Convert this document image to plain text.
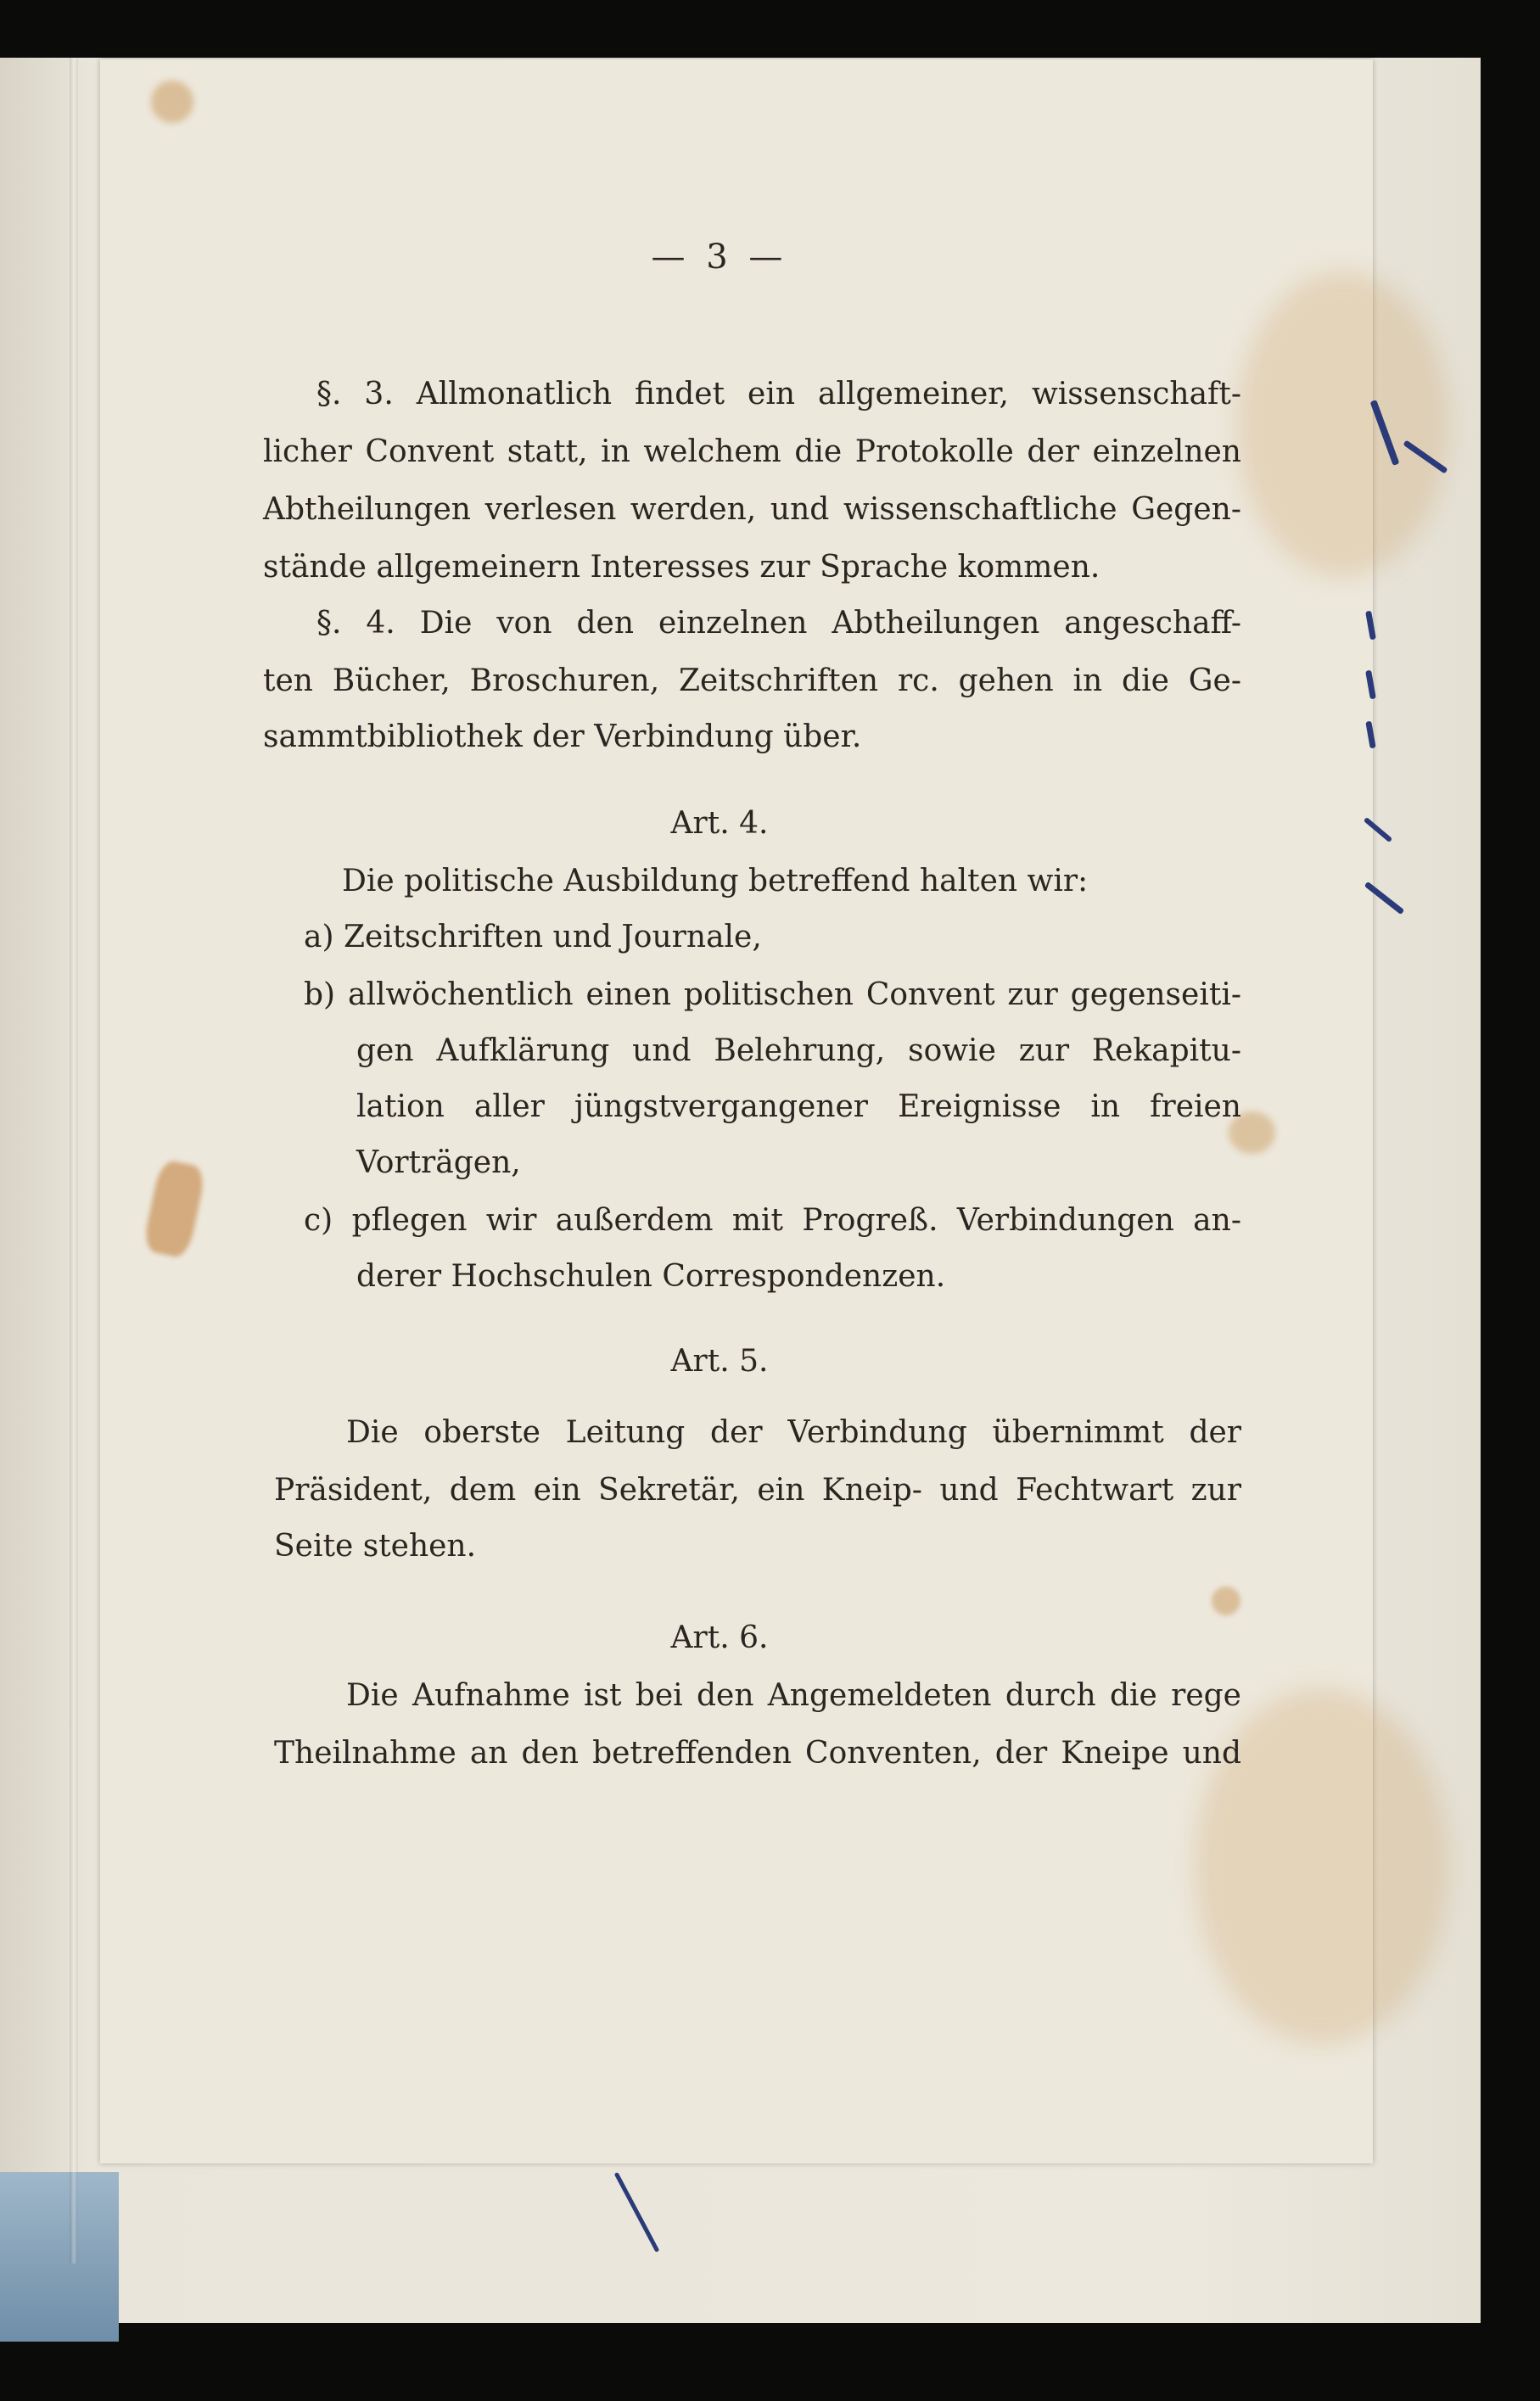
— 3 —

§. 3. Allmonatlich findet ein allgemeiner, wissenschaft-

licher Convent statt, in welchem die Protokolle der einzelnen

Abtheilungen verlesen werden, und wissenschaftliche Gegen-

stände allgemeinern Interesses zur Sprache kommen.

§. 4. Die von den einzelnen Abtheilungen angeschaff-

ten Bücher, Broschuren, Zeitschriften rc. gehen in die Ge-

sammtbibliothek der Verbindung über.

Art. 4.

Die politische Ausbildung betreffend halten wir:

a) Zeitschriften und Journale,

b) allwöchentlich einen politischen Convent zur gegenseiti-

gen Aufklärung und Belehrung, sowie zur Rekapitu-

lation aller jüngstvergangener Ereignisse in freien

Vorträgen,

c) pflegen wir außerdem mit Progreß. Verbindungen an-

derer Hochschulen Correspondenzen.

Art. 5.

Die oberste Leitung der Verbindung übernimmt der

Präsident, dem ein Sekretär, ein Kneip- und Fechtwart zur

Seite stehen.

Art. 6.

Die Aufnahme ist bei den Angemeldeten durch die rege

Theilnahme an den betreffenden Conventen, der Kneipe und
